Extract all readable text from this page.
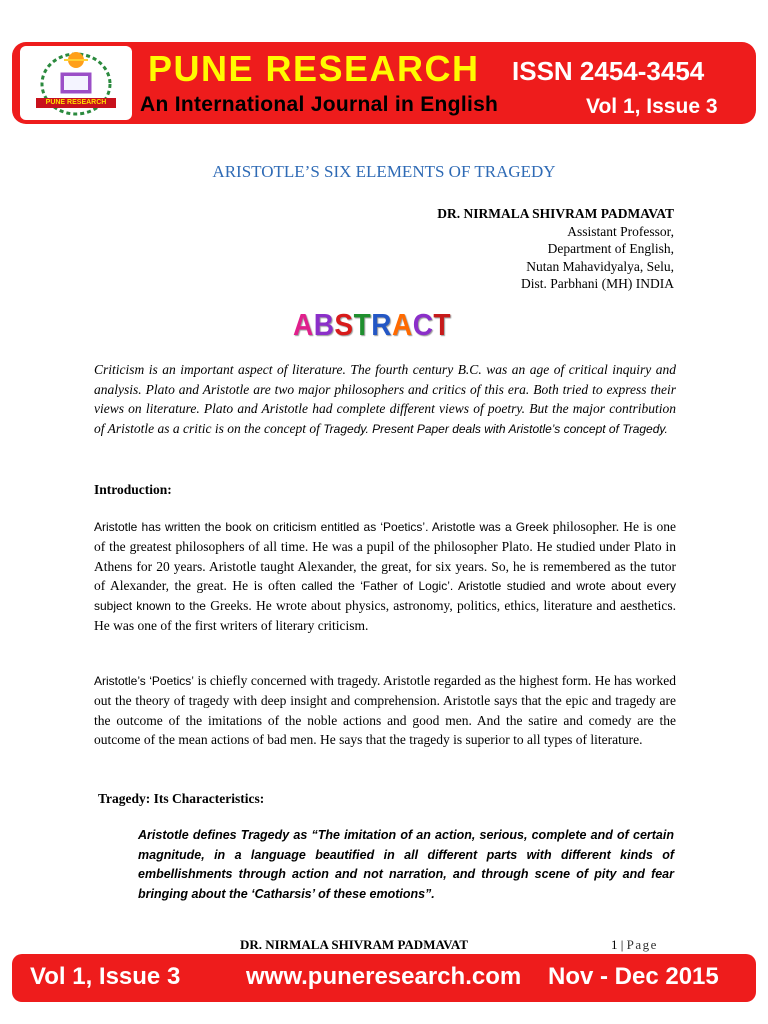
PUNE RESEARCH
PUNE RESEARCH ISSN 2454-3454
An International Journal in English	Vol 1, Issue 3
ARISTOTLE’S SIX ELEMENTS OF TRAGEDY
DR. NIRMALA SHIVRAM PADMAVAT
Assistant Professor,
Department of English,
Nutan Mahavidyalya, Selu,
Dist. Parbhani (MH) INDIA
ABSTRACT
Criticism is an important aspect of literature. The fourth century B.C. was an age of critical inquiry and analysis. Plato and Aristotle are two major philosophers and critics of this era. Both tried to express their views on literature. Plato and Aristotle had complete different views of poetry. But the major contribution of Aristotle as a critic is on the concept of Tragedy. Present Paper deals with Aristotle’s concept of Tragedy.
Introduction:
Aristotle has written the book on criticism entitled as ‘Poetics’. Aristotle was a Greek philosopher. He is one of the greatest philosophers of all time. He was a pupil of the philosopher Plato. He studied under Plato in Athens for 20 years. Aristotle taught Alexander, the great, for six years. So, he is remembered as the tutor of Alexander, the great. He is often called the ‘Father of Logic’. Aristotle studied and wrote about every subject known to the Greeks. He wrote about physics, astronomy, politics, ethics, literature and aesthetics. He was one of the first writers of literary criticism.
Aristotle’s ‘Poetics’ is chiefly concerned with tragedy. Aristotle regarded as the highest form. He has worked out the theory of tragedy with deep insight and comprehension. Aristotle says that the epic and tragedy are the outcome of the imitations of the noble actions and good men. And the satire and comedy are the outcome of the mean actions of bad men. He says that the tragedy is superior to all types of literature.
Tragedy: Its Characteristics:
Aristotle defines Tragedy as “The imitation of an action, serious, complete and of certain magnitude, in a language beautified in all different parts with different kinds of embellishments through action and not narration, and through scene of pity and fear bringing about the ‘Catharsis’ of these emotions”.
DR. NIRMALA SHIVRAM PADMAVAT	1 | Page
Vol 1, Issue 3	www.puneresearch.com Nov - Dec 2015
